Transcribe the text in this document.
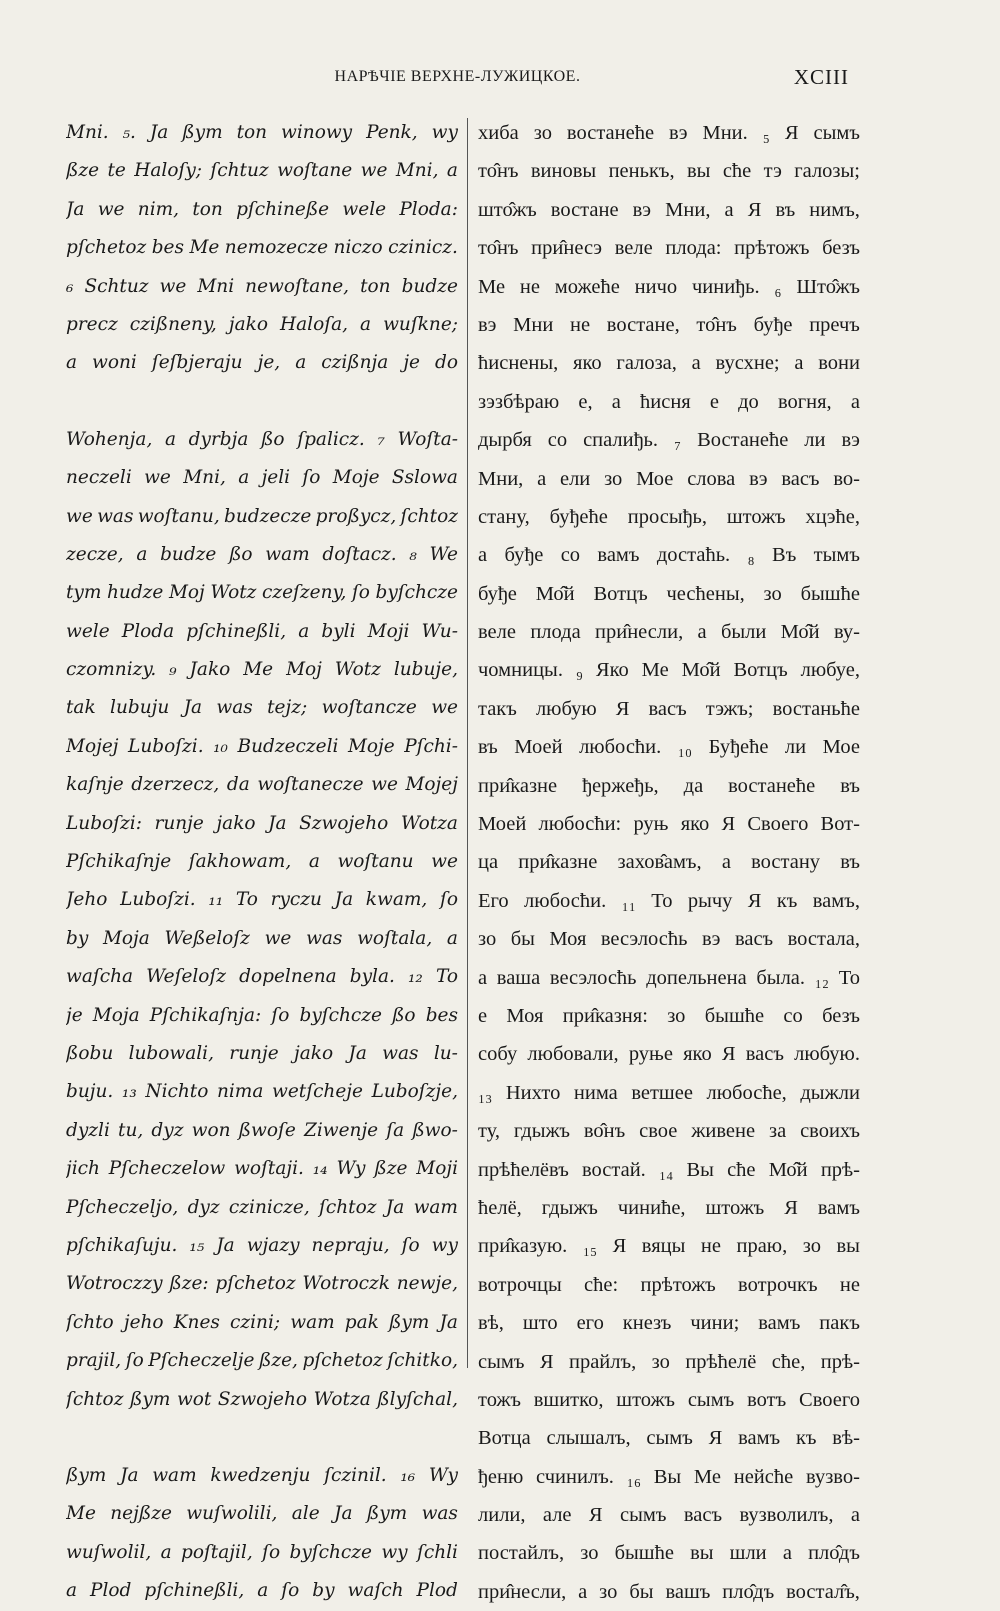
НАРѢЧІЕ ВЕРХНЕ-ЛУЖИЦКОЕ.	XCIII
Mni. ₅. Ja ßym ton winowy Penk, wy
ßze te Haloſy; ſchtuz woſtane we Mni, a
Ja we nim, ton pſchineße wele Ploda:
pſchetoz bes Me nemozecze niczo czinicz.
₆ Schtuz we Mni newoſtane, ton budze
precz czißneny, jako Haloſa, a wuſkne;
a woni ſeſbjeraju je, a czißnja je do
Wohenja, a dyrbja ßo ſpalicz. ₇ Woſta-
neczeli we Mni, a jeli ſo Moje Sslowa
we was woſtanu, budzecze proßycz, ſchtoz
zecze, a budze ßo wam doſtacz. ₈ We
tym hudze Moj Wotz czeſzeny, ſo byſchcze
wele Ploda pſchineßli, a byli Moji Wu-
czomnizy. ₉ Jako Me Moj Wotz lubuje,
tak lubuju Ja was tejz; woſtancze we
Mojej Luboſzi. ₁₀ Budzeczeli Moje Pſchi-
kaſnje dzerzecz, da woſtanecze we Mojej
Luboſzi: runje jako Ja Szwojeho Wotza
Pſchikaſnje ſakhowam, a woſtanu we
Jeho Luboſzi. ₁₁ To ryczu Ja kwam, ſo
by Moja Weßeloſz we was woſtala, a
waſcha Weſeloſz dopelnena byla. ₁₂ To
je Moja Pſchikaſnja: ſo byſchcze ßo bes
ßobu lubowali, runje jako Ja was lu-
buju. ₁₃ Nichto nima wetſcheje Luboſzje,
dyzli tu, dyz won ßwoſe Ziwenje ſa ßwo-
jich Pſcheczelow woſtaji. ₁₄ Wy ßze Moji
Pſcheczeljo, dyz czinicze, ſchtoz Ja wam
pſchikaſuju. ₁₅ Ja wjazy nepraju, ſo wy
Wotroczzy ßze: pſchetoz Wotroczk newje,
ſchto jeho Knes czini; wam pak ßym Ja
prajil, ſo Pſcheczelje ßze, pſchetoz ſchitko,
ſchtoz ßym wot Szwojeho Wotza ßlyſchal,
ßym Ja wam kwedzenju ſczinil. ₁₆ Wy
Me nejßze wuſwolili, ale Ja ßym was
wuſwolil, a poſtajil, ſo byſchcze wy ſchli
a Plod pſchineßli, a ſo by waſch Plod
хиба зо востанеће вэ Мни. ₅ Я сымъ
то̂нъ виновы пенькъ, вы сће тэ галозы;
што̂жъ востане вэ Мни, а Я въ нимъ,
то̂нъ при̂несэ веле плода: прѣтожъ безъ
Ме не можеће ничо чиниђь. ₆ Што̂жъ
вэ Мни не востане, то̂нъ буђе пречъ
ћиснены, яко галоза, а вусхне; а вони
зэзбѣраю е, а ћисня е до вогня, а
дырбя со спалиђь. ₇ Востанеће ли вэ
Мни, а ели зо Мое слова вэ васъ во-
стану, буђеће просыђь, штожъ хцэће,
а буђе со вамъ достаћь. ₈ Въ тымъ
буђе Мо̂й Вотцъ чесћены, зо бышће
веле плода при̂несли, а были Мо̂й ву-
чомницы. ₉ Яко Ме Мо̂й Вотцъ любуе,
такъ любую Я васъ тэжъ; востаньће
въ Моей любосћи. ₁₀ Буђеће ли Мое
при̂казне ђержеђь, да востанеће въ
Моей любосћи: руњ яко Я Своего Вот-
ца при̂казне захов̂амъ, а востану въ
Его любосћи. ₁₁ То рычу Я къ вамъ,
зо бы Моя весэлосћь вэ васъ востала,
а ваша весэлосћь допельнена была. ₁₂ То
е Моя при̂казня: зо бышће со безъ
собу любовали, руње яко Я васъ любую.
₁₃ Нихто нима ветшее любосће, дыжли
ту, гдыжъ во̂нъ свое живене за своихъ
прѣћелёвъ востай. ₁₄ Вы сће Мо̂й прѣ-
ћелё, гдыжъ чиниће, штожъ Я вамъ
при̂казую. ₁₅ Я вяцы не праю, зо вы
вотрочцы сће: прѣтожъ вотрочкъ не
вѣ, што его кнезъ чини; вамъ пакъ
сымъ Я прайлъ, зо прѣћелё сће, прѣ-
тожъ вшитко, штожъ сымъ вотъ Своего
Вотца слышалъ, сымъ Я вамъ къ вѣ-
ђеню счинилъ. ₁₆ Вы Ме нейсће вузво-
лили, але Я сымъ васъ вузволилъ, а
постайлъ, зо бышће вы шли а пло̂дъ
при̂несли, а зо бы вашъ пло̂дъ востал̂ъ,
